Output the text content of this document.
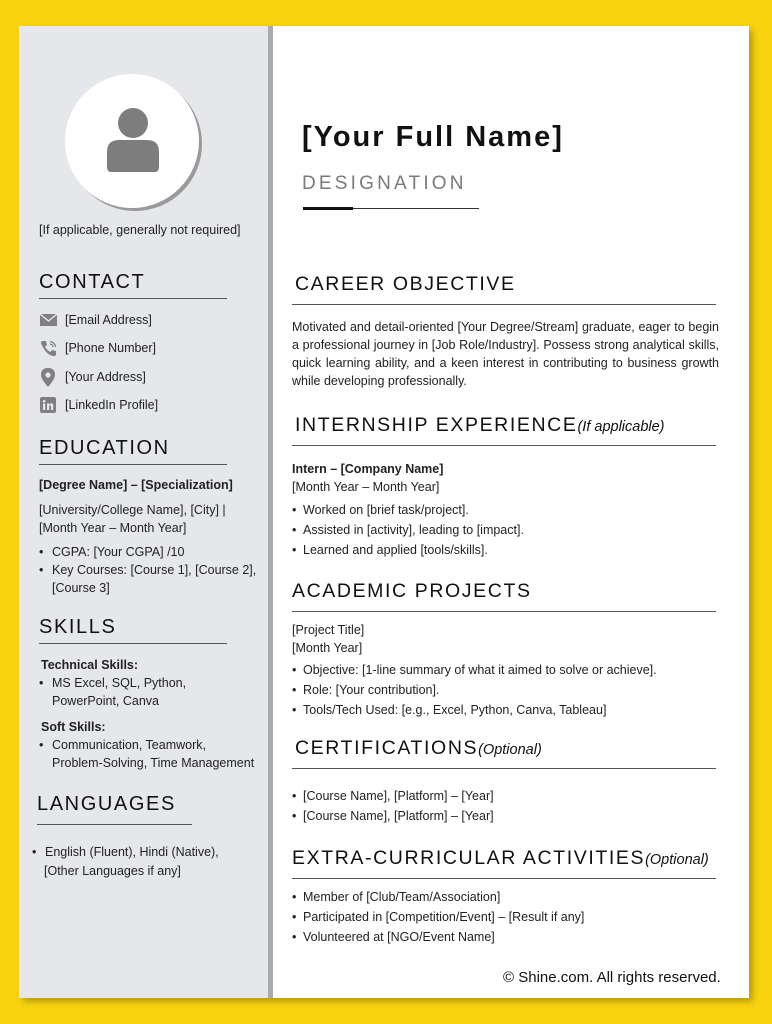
[If applicable, generally not required]
CONTACT
[Email Address]
[Phone Number]
[Your Address]
[LinkedIn Profile]
EDUCATION
[Degree Name] – [Specialization]
[University/College Name], [City] |
[Month Year – Month Year]
• CGPA: [Your CGPA] /10
• Key Courses: [Course 1], [Course 2],
[Course 3]
SKILLS
Technical Skills:
• MS Excel, SQL, Python,
PowerPoint, Canva
Soft Skills:
• Communication, Teamwork,
Problem-Solving, Time Management
LANGUAGES
• English (Fluent), Hindi (Native),
[Other Languages if any]
[Your Full Name]
DESIGNATION
CAREER OBJECTIVE
Motivated and detail-oriented [Your Degree/Stream] graduate, eager to begin a professional journey in [Job Role/Industry]. Possess strong analytical skills, quick learning ability, and a keen interest in contributing to business growth while developing professionally.
INTERNSHIP EXPERIENCE(If applicable)
Intern – [Company Name]
[Month Year – Month Year]
• Worked on [brief task/project].
• Assisted in [activity], leading to [impact].
• Learned and applied [tools/skills].
ACADEMIC PROJECTS
[Project Title]
[Month Year]
• Objective: [1-line summary of what it aimed to solve or achieve].
• Role: [Your contribution].
• Tools/Tech Used: [e.g., Excel, Python, Canva, Tableau]
CERTIFICATIONS(Optional)
• [Course Name], [Platform] – [Year]
• [Course Name], [Platform] – [Year]
EXTRA-CURRICULAR ACTIVITIES(Optional)
• Member of [Club/Team/Association]
• Participated in [Competition/Event] – [Result if any]
• Volunteered at [NGO/Event Name]
© Shine.com. All rights reserved.
